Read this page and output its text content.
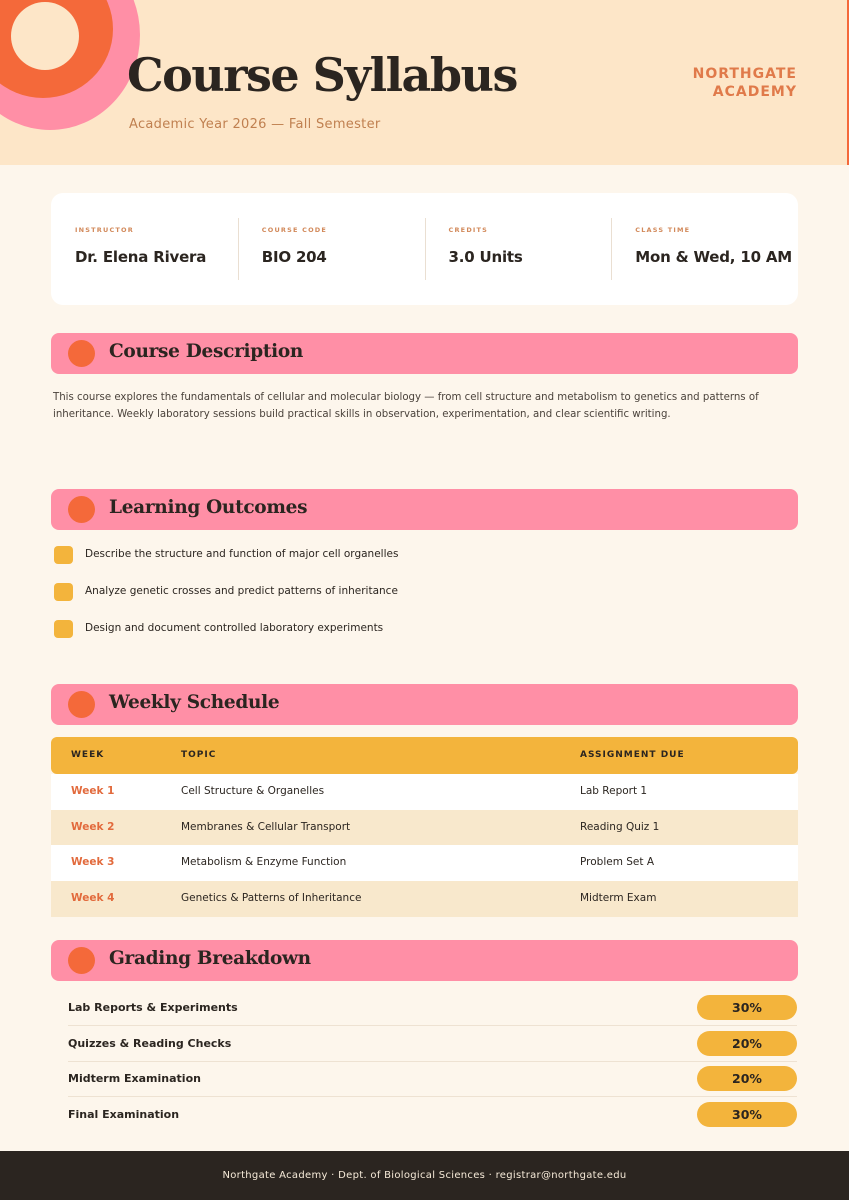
Course Syllabus
Academic Year 2026 — Fall Semester
NORTHGATE
ACADEMY
INSTRUCTOR
Dr. Elena Rivera
COURSE CODE
BIO 204
CREDITS
3.0 Units
CLASS TIME
Mon & Wed, 10 AM
Course Description

This course explores the fundamentals of cellular and molecular biology — from cell structure and metabolism to genetics and patterns of inheritance. Weekly laboratory sessions build practical skills in observation, experimentation, and clear scientific writing.

Learning Outcomes
Describe the structure and function of major cell organelles
Analyze genetic crosses and predict patterns of inheritance
Design and document controlled laboratory experiments
Weekly Schedule
WEEK	TOPIC	ASSIGNMENT DUE
Week 1	Cell Structure & Organelles	Lab Report 1
Week 2	Membranes & Cellular Transport	Reading Quiz 1
Week 3	Metabolism & Enzyme Function	Problem Set A
Week 4	Genetics & Patterns of Inheritance	Midterm Exam
Grading Breakdown
Lab Reports & Experiments	30%
Quizzes & Reading Checks	20%
Midterm Examination	20%
Final Examination	30%
Northgate Academy · Dept. of Biological Sciences · registrar@northgate.edu
